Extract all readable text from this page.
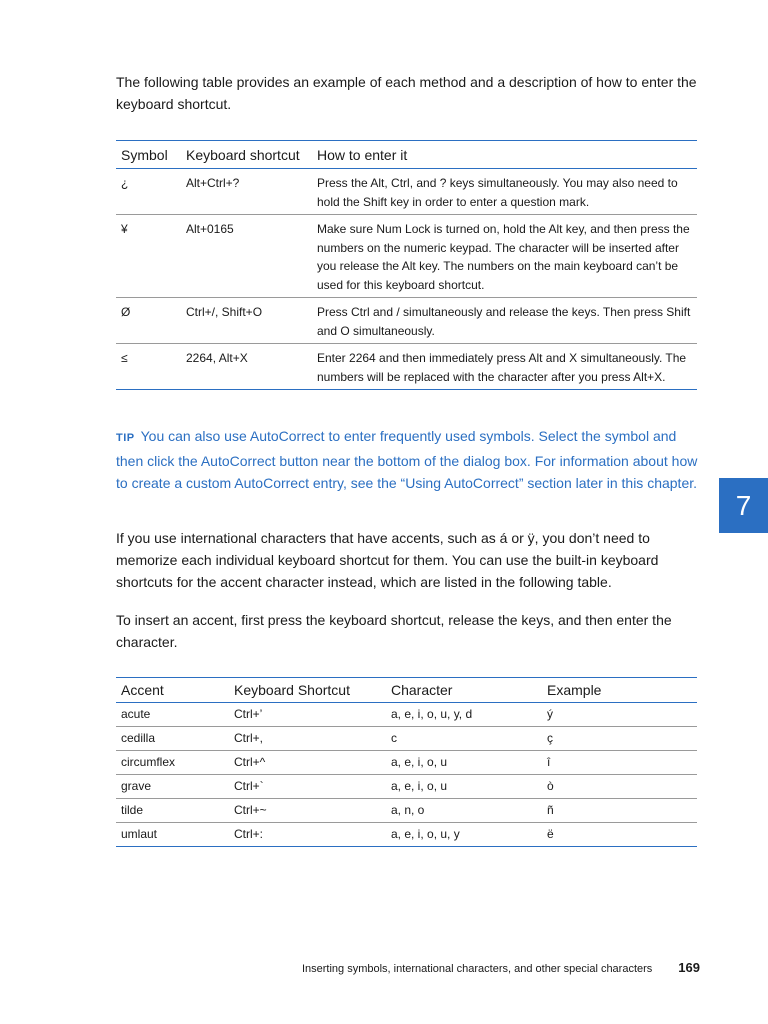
The following table provides an example of each method and a description of how to enter the keyboard shortcut.

Symbol	Keyboard shortcut	How to enter it
¿	Alt+Ctrl+?	Press the Alt, Ctrl, and ? keys simultaneously. You may also need to hold the Shift key in order to enter a question mark.
¥	Alt+0165	Make sure Num Lock is turned on, hold the Alt key, and then press the numbers on the numeric keypad. The character will be inserted after you release the Alt key. The numbers on the main keyboard can’t be used for this keyboard shortcut.
Ø	Ctrl+/, Shift+O	Press Ctrl and / simultaneously and release the keys. Then press Shift and O simultaneously.
≤	2264, Alt+X	Enter 2264 and then immediately press Alt and X simultaneously. The numbers will be replaced with the character after you press Alt+X.

TIP You can also use AutoCorrect to enter frequently used symbols. Select the symbol and then click the AutoCorrect button near the bottom of the dialog box. For information about how to create a custom AutoCorrect entry, see the “Using AutoCorrect” section later in this chapter.

7

If you use international characters that have accents, such as á or ÿ, you don’t need to memorize each individual keyboard shortcut for them. You can use the built-in keyboard shortcuts for the accent character instead, which are listed in the following table.

To insert an accent, first press the keyboard shortcut, release the keys, and then enter the character.

Accent	Keyboard Shortcut	Character	Example
acute	Ctrl+’	a, e, i, o, u, y, d	ý
cedilla	Ctrl+,	c	ç
circumflex	Ctrl+^	a, e, i, o, u	î
grave	Ctrl+`	a, e, i, o, u	ò
tilde	Ctrl+~	a, n, o	ñ
umlaut	Ctrl+:	a, e, i, o, u, y	ë
Inserting symbols, international characters, and other special characters 169
